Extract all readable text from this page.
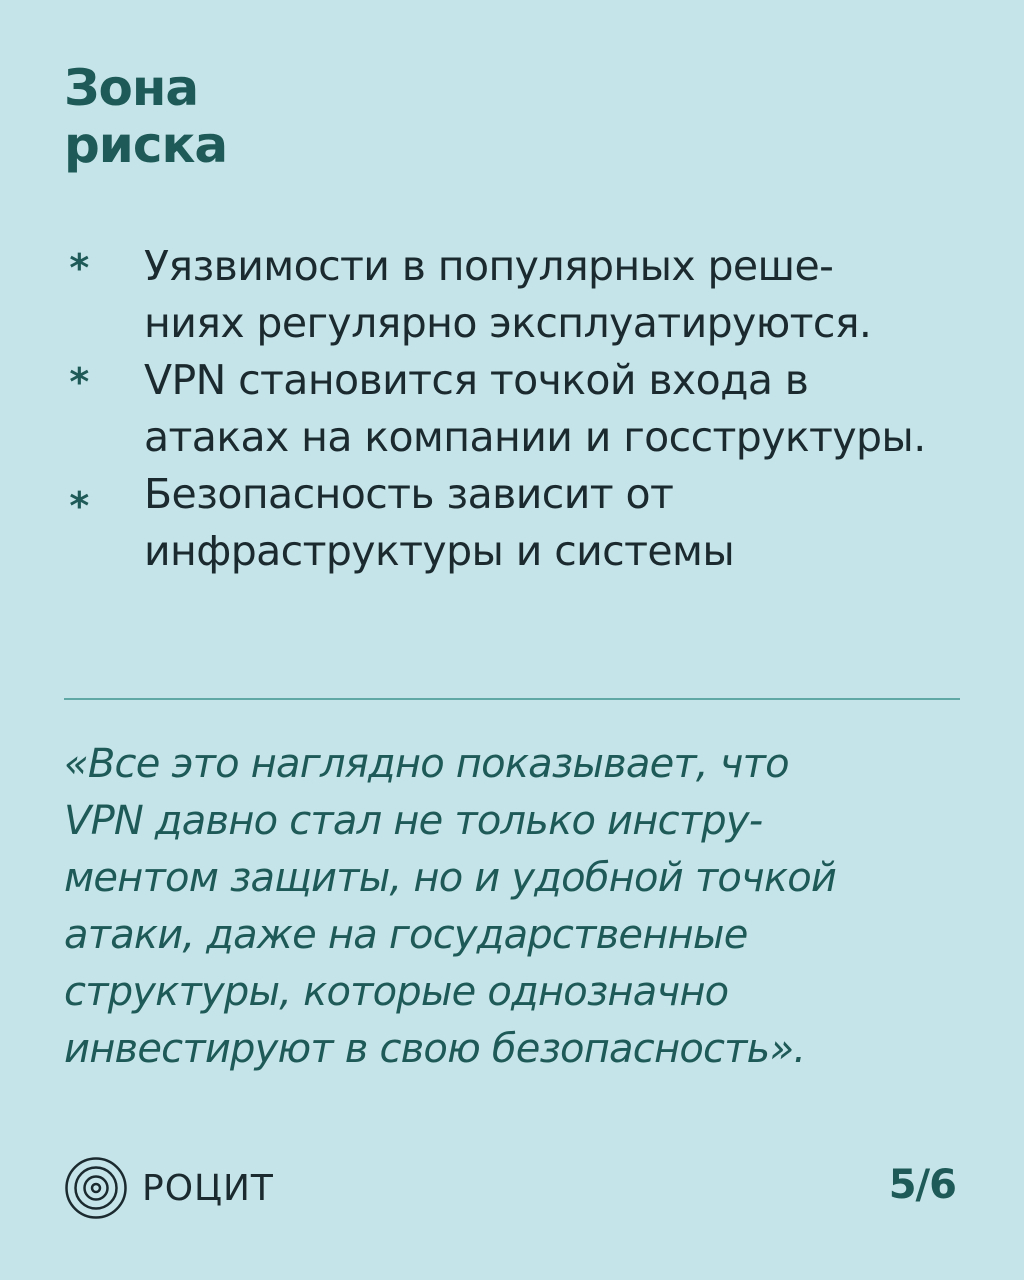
Зона
риска
* Уязвимости в популярных реше-
ниях регулярно эксплуатируются.
* VPN становится точкой входа в
атаках на компании и госструктуры.
* Безопасность зависит от
инфраструктуры и системы
«Все это наглядно показывает, что
VPN давно стал не только инстру-
ментом защиты, но и удобной точкой
атаки, даже на государственные
структуры, которые однозначно
инвестируют в свою безопасность».
РОЦИТ	5/6
